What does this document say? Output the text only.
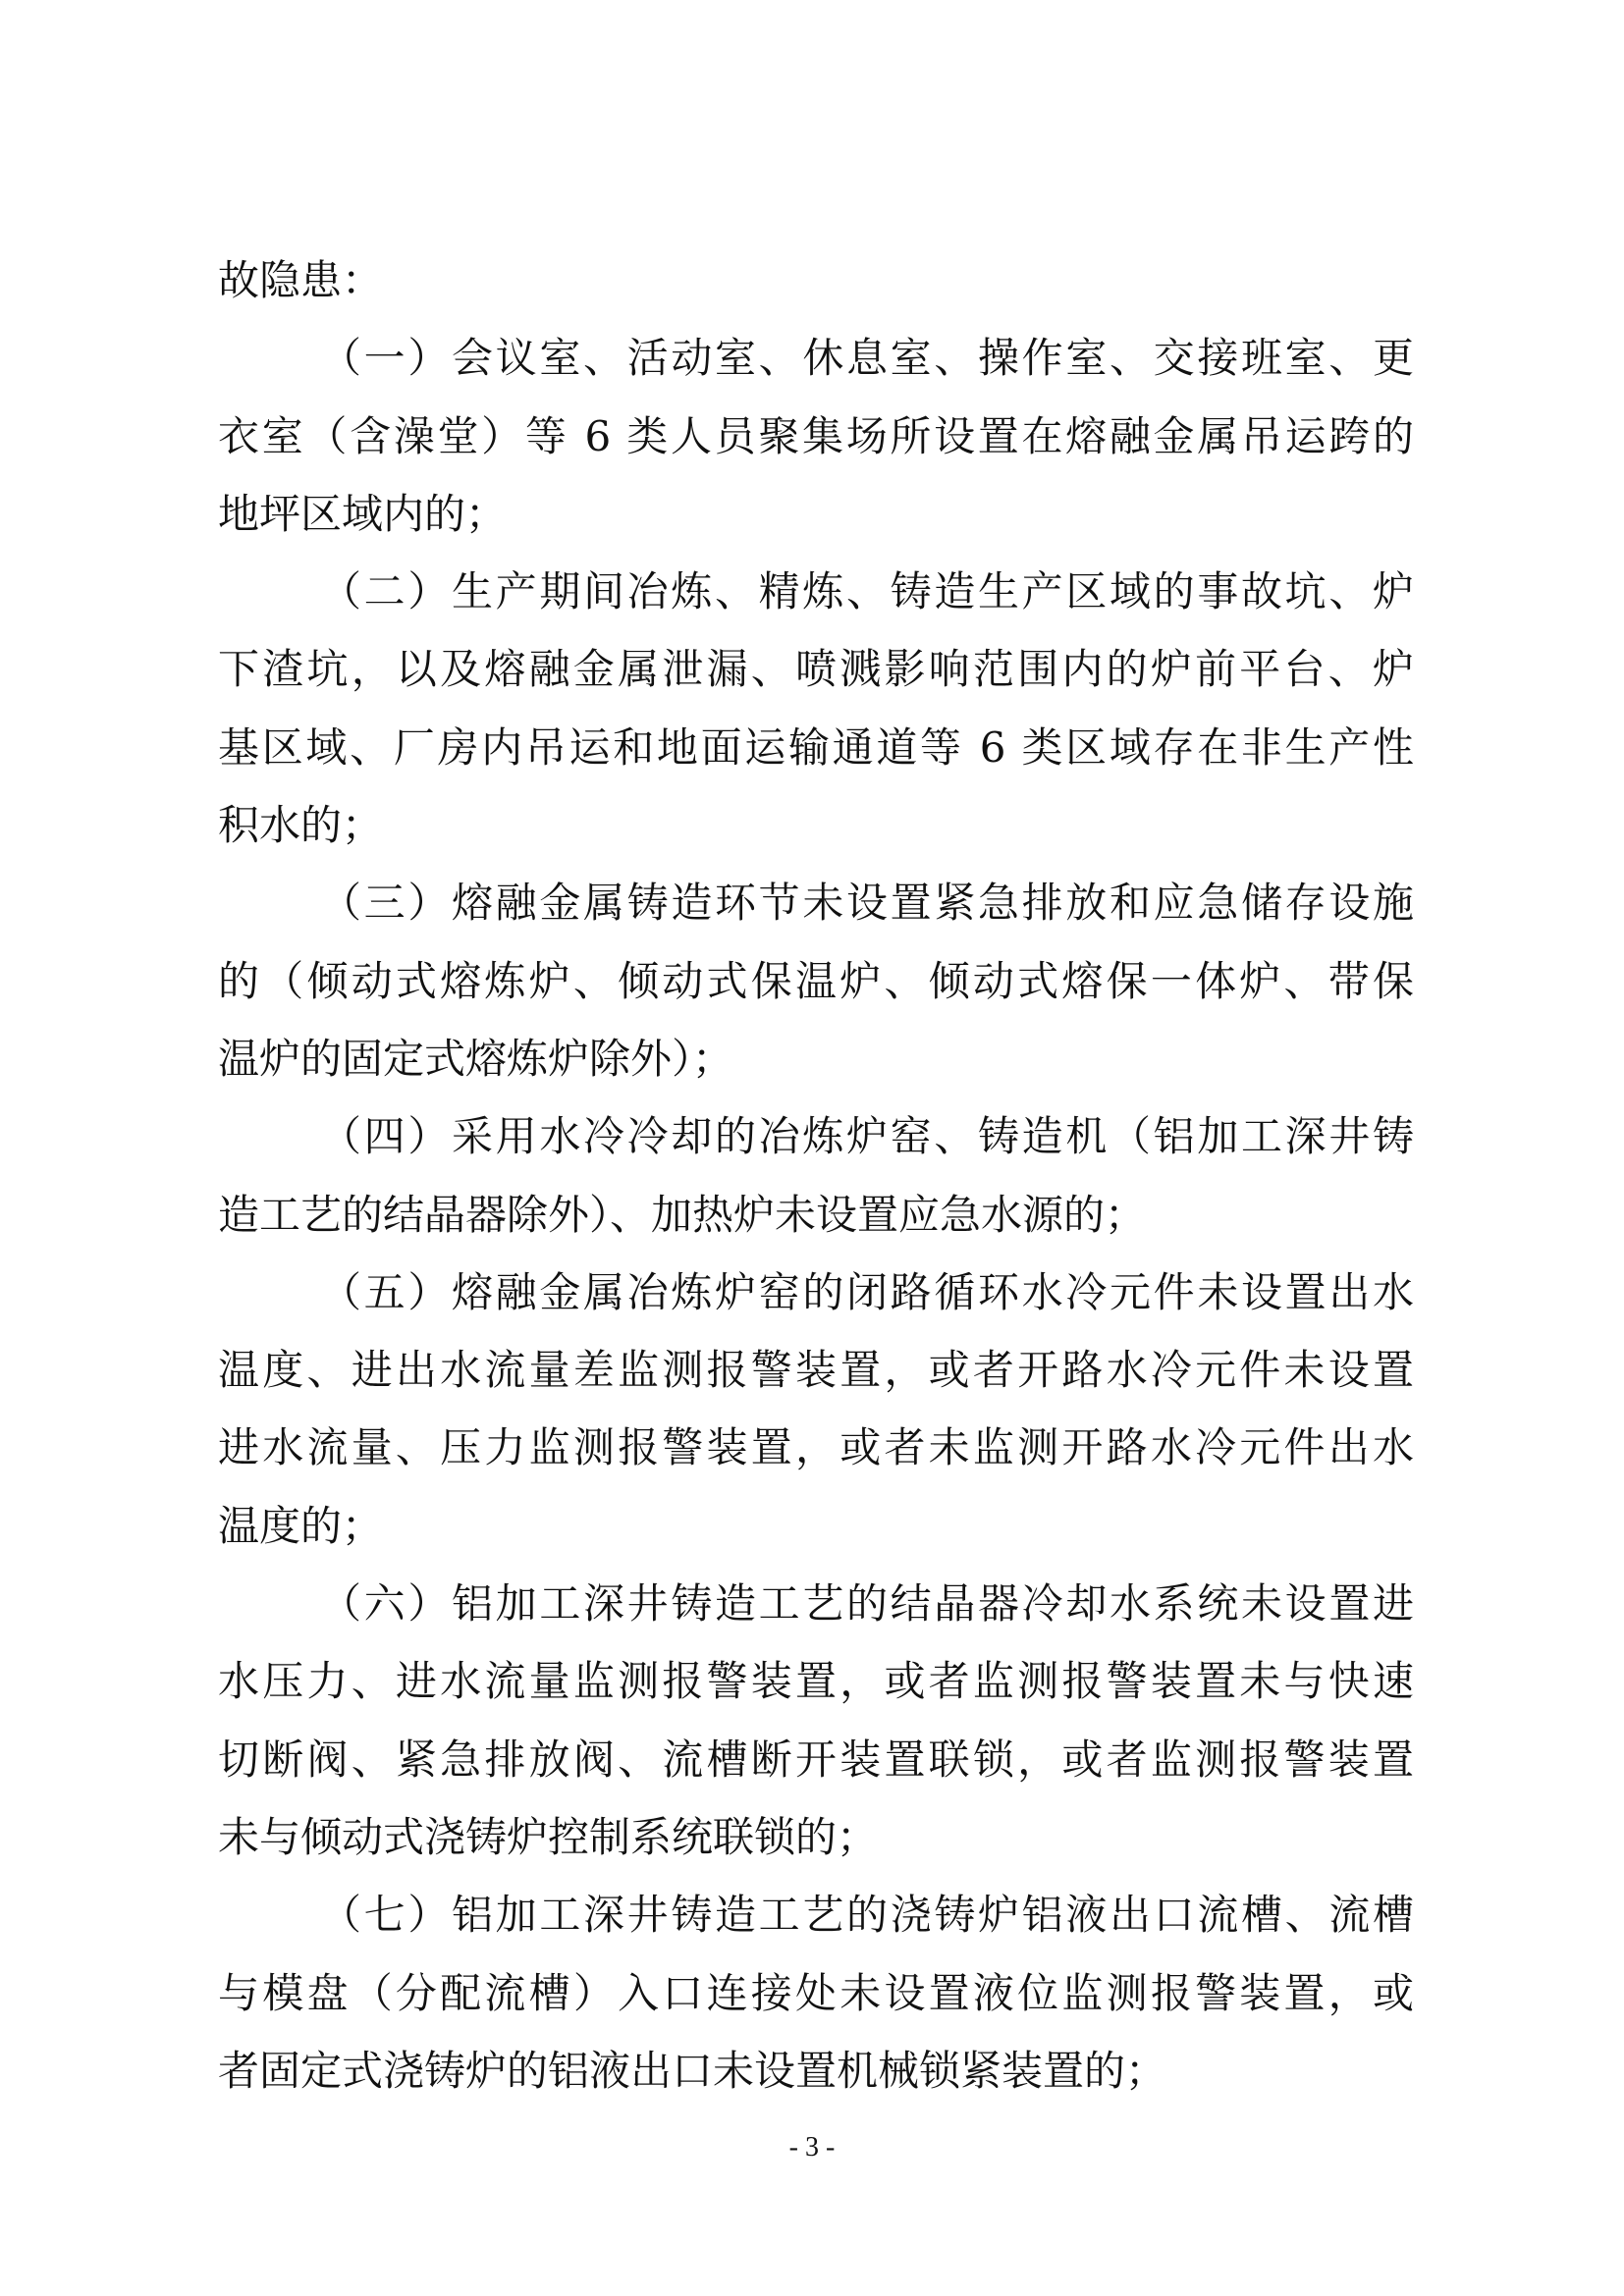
故隐患：
（一）会议室、活动室、休息室、操作室、交接班室、更
衣室（含澡堂）等 6 类人员聚集场所设置在熔融金属吊运跨的
地坪区域内的；
（二）生产期间冶炼、精炼、铸造生产区域的事故坑、炉
下渣坑，以及熔融金属泄漏、喷溅影响范围内的炉前平台、炉
基区域、厂房内吊运和地面运输通道等 6 类区域存在非生产性
积水的；
（三）熔融金属铸造环节未设置紧急排放和应急储存设施
的（倾动式熔炼炉、倾动式保温炉、倾动式熔保一体炉、带保
温炉的固定式熔炼炉除外）；
（四）采用水冷冷却的冶炼炉窑、铸造机（铝加工深井铸
造工艺的结晶器除外）、加热炉未设置应急水源的；
（五）熔融金属冶炼炉窑的闭路循环水冷元件未设置出水
温度、进出水流量差监测报警装置，或者开路水冷元件未设置
进水流量、压力监测报警装置，或者未监测开路水冷元件出水
温度的；
（六）铝加工深井铸造工艺的结晶器冷却水系统未设置进
水压力、进水流量监测报警装置，或者监测报警装置未与快速
切断阀、紧急排放阀、流槽断开装置联锁，或者监测报警装置
未与倾动式浇铸炉控制系统联锁的；
（七）铝加工深井铸造工艺的浇铸炉铝液出口流槽、流槽
与模盘（分配流槽）入口连接处未设置液位监测报警装置，或
者固定式浇铸炉的铝液出口未设置机械锁紧装置的；
- 3 -
